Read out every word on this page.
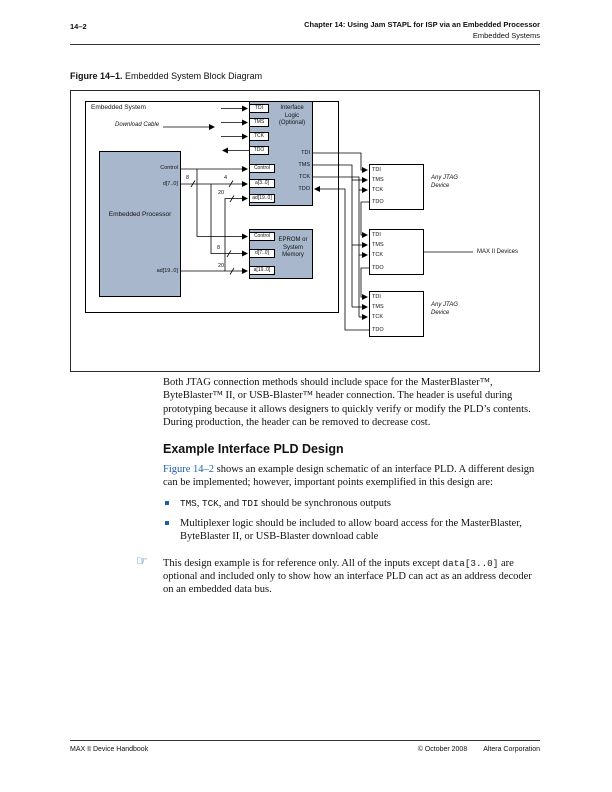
14–2	Chapter 14: Using Jam STAPL for ISP via an Embedded Processor
Embedded Systems
Figure 14–1. Embedded System Block Diagram
Embedded System
Download Cable
Embedded Processor
Control
d[7..0]
ad[19..0]
Interface Logic (Optional)
TDI
TMS
TCK
TDO
Control
a[3..0]
ad[19..0]
TDI
TMS
TCK
TDO
EPROM or System Memory
Control
d[7..0]
a[19..0]
8	4
20
8
20
TDI
TMS
TCK
TDO
Any JTAG Device
TDI
TMS
TCK
TDO
MAX II Devices
TDI
TMS
TCK
TDO
Any JTAG Device

Both JTAG connection methods should include space for the MasterBlaster™, ByteBlaster™ II, or USB-Blaster™ header connection. The header is useful during prototyping because it allows designers to quickly verify or modify the PLD’s contents. During production, the header can be removed to decrease cost.

Example Interface PLD Design

Figure 14–2 shows an example design schematic of an interface PLD. A different design can be implemented; however, important points exemplified in this design are:

TMS, TCK, and TDI should be synchronous outputs
Multiplexer logic should be included to allow board access for the MasterBlaster, ByteBlaster II, or USB-Blaster download cable
☞ This design example is for reference only. All of the inputs except data[3..0] are optional and included only to show how an interface PLD can act as an address decoder on an embedded data bus.

MAX II Device Handbook	© October 2008 Altera Corporation
